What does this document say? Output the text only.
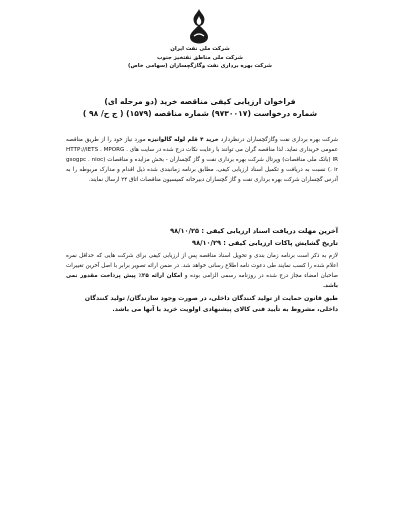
شرکت ملی نفت ایران
شرکت ملی مناطق نفتخیز جنوب
شرکت بهره برداری نفت وگازگچساران (سهامی خاص)
فراخوان ارزیابی کیفی مناقصه خرید (دو مرحله ای)
شماره درخواست (۹۷۳۰۰۱۷) شماره مناقصه (۱۵۷۹) ( ج ح/ ۹۸ )
شرکت بهره برداری نفت وگازگچساران درنظردارد خرید ۴ قلم لوله گالوانیزه مورد نیاز خود را از طریق مناقصه عمومی خریداری نماید. لذا مناقصه گران می توانند با رعایت نکات درج شده در سایت های HTTP://IETS . MPORG . IR (بانک ملی مناقصات) وپرتال شرکت بهره برداری نفت و گاز گچساران - بخش مزایده و مناقصات (gsogpc . nioc . ir) نسبت به دریافت و تکمیل اسناد ارزیابی کیفی، مطابق برنامه زمانبندی شده ذیل اقدام و مدارک مربوطه را به آدرس گچساران شرکت بهره برداری نفت و گاز گچساران دبیرخانه کمیسیون مناقصات اتاق ۲۴ ارسال نمایند.
آخرین مهلت دریافت اسناد ارزیابی کیفی : ۹۸/۱۰/۲۵
تاریخ گشایش پاکات ارزیابی کیفی : ۹۸/۱۰/۲۹
لازم به ذکر است برنامه زمان بندی و تحویل اسناد مناقصه پس از ارزیابی کیفی برای شرکت هایی که حداقل نمره اعلام شده را کسب نمایند طی دعوت نامه اطلاع رسانی خواهد شد. در ضمن ارائه تصویر برابر با اصل آخرین تغییرات صاحبان امضاء مجاز درج شده در روزنامه رسمی الزامی بوده و امکان ارائه ۲۵٪ پیش پرداخت مقدور نمی باشد.
طبق قانون حمایت از تولید کنندگان داخلی، در صورت وجود سازندگان/ تولید کنندگان داخلی، مشروط به تأیید فنی کالای پیشنهادی اولویت خرید با آنها می باشد.
